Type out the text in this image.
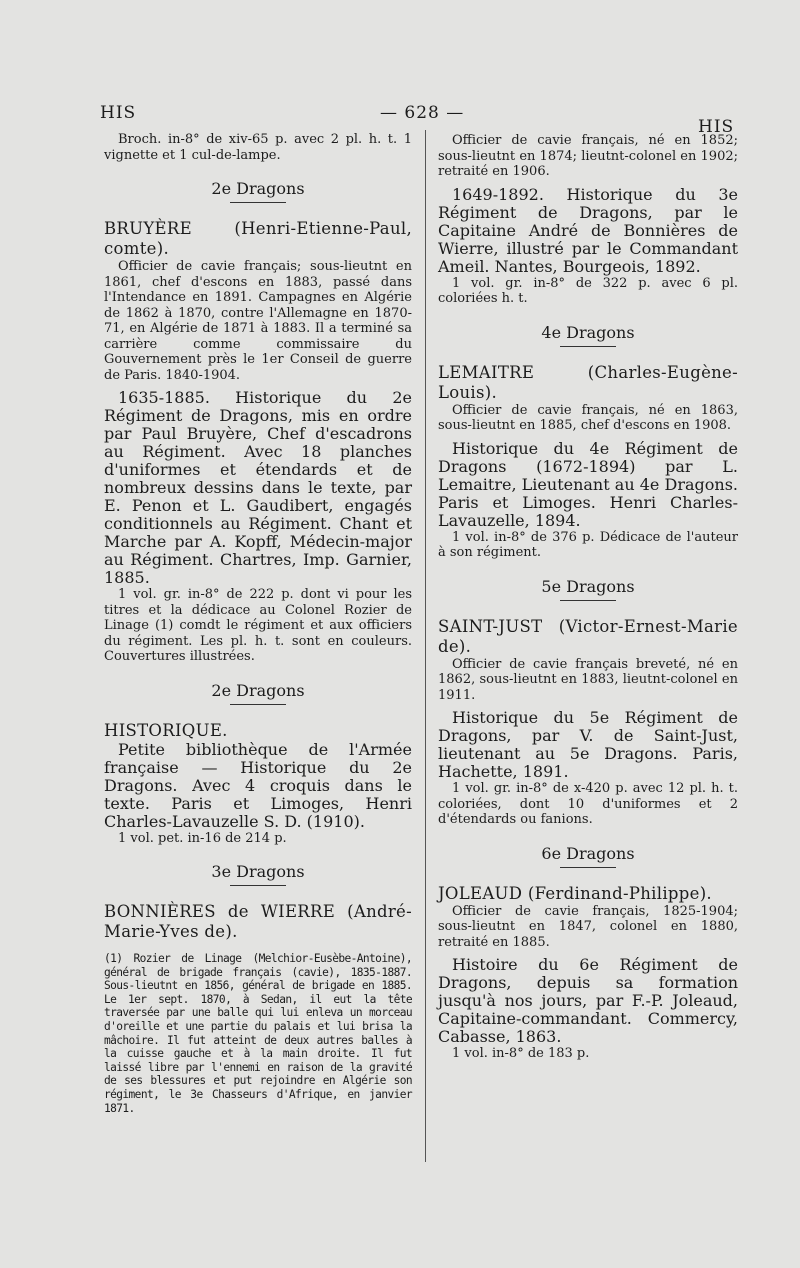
HIS	— 628 —
HIS

Broch. in-8° de xiv-65 p. avec 2 pl. h. t. 1 vignette et 1 cul-de-lampe.

2e Dragons

BRUYÈRE (Henri-Etienne-Paul, comte).

Officier de cavie français; sous-lieutnt en 1861, chef d'escons en 1883, passé dans l'Intendance en 1891. Campagnes en Algérie de 1862 à 1870, contre l'Allemagne en 1870-71, en Algérie de 1871 à 1883. Il a terminé sa carrière comme commissaire du Gouvernement près le 1er Conseil de guerre de Paris. 1840-1904.

1635-1885. Historique du 2e Régiment de Dragons, mis en ordre par Paul Bruyère, Chef d'escadrons au Régiment. Avec 18 planches d'uniformes et étendards et de nombreux dessins dans le texte, par E. Penon et L. Gaudibert, engagés conditionnels au Régiment. Chant et Marche par A. Kopff, Médecin-major au Régiment. Chartres, Imp. Garnier, 1885.

1 vol. gr. in-8° de 222 p. dont vi pour les titres et la dédicace au Colonel Rozier de Linage (1) comdt le régiment et aux officiers du régiment. Les pl. h. t. sont en couleurs. Couvertures illustrées.

2e Dragons

HISTORIQUE.

Petite bibliothèque de l'Armée française — Historique du 2e Dragons. Avec 4 croquis dans le texte. Paris et Limoges, Henri Charles-Lavauzelle S. D. (1910).

1 vol. pet. in-16 de 214 p.

3e Dragons

BONNIÈRES de WIERRE (André-Marie-Yves de).

(1) Rozier de Linage (Melchior-Eusèbe-Antoine), général de brigade français (cavie), 1835-1887. Sous-lieutnt en 1856, général de brigade en 1885. Le 1er sept. 1870, à Sedan, il eut la tête traversée par une balle qui lui enleva un morceau d'oreille et une partie du palais et lui brisa la mâchoire. Il fut atteint de deux autres balles à la cuisse gauche et à la main droite. Il fut laissé libre par l'ennemi en raison de la gravité de ses blessures et put rejoindre en Algérie son régiment, le 3e Chasseurs d'Afrique, en janvier 1871.

Officier de cavie français, né en 1852; sous-lieutnt en 1874; lieutnt-colonel en 1902; retraité en 1906.

1649-1892. Historique du 3e Régiment de Dragons, par le Capitaine André de Bonnières de Wierre, illustré par le Commandant Ameil. Nantes, Bourgeois, 1892.

1 vol. gr. in-8° de 322 p. avec 6 pl. coloriées h. t.

4e Dragons

LEMAITRE (Charles-Eugène-Louis).

Officier de cavie français, né en 1863, sous-lieutnt en 1885, chef d'escons en 1908.

Historique du 4e Régiment de Dragons (1672-1894) par L. Lemaitre, Lieutenant au 4e Dragons. Paris et Limoges. Henri Charles-Lavauzelle, 1894.

1 vol. in-8° de 376 p. Dédicace de l'auteur à son régiment.

5e Dragons

SAINT-JUST (Victor-Ernest-Marie de).

Officier de cavie français breveté, né en 1862, sous-lieutnt en 1883, lieutnt-colonel en 1911.

Historique du 5e Régiment de Dragons, par V. de Saint-Just, lieutenant au 5e Dragons. Paris, Hachette, 1891.

1 vol. gr. in-8° de x-420 p. avec 12 pl. h. t. coloriées, dont 10 d'uniformes et 2 d'étendards ou fanions.

6e Dragons

JOLEAUD (Ferdinand-Philippe).

Officier de cavie français, 1825-1904; sous-lieutnt en 1847, colonel en 1880, retraité en 1885.

Histoire du 6e Régiment de Dragons, depuis sa formation jusqu'à nos jours, par F.-P. Joleaud, Capitaine-commandant. Commercy, Cabasse, 1863.

1 vol. in-8° de 183 p.
